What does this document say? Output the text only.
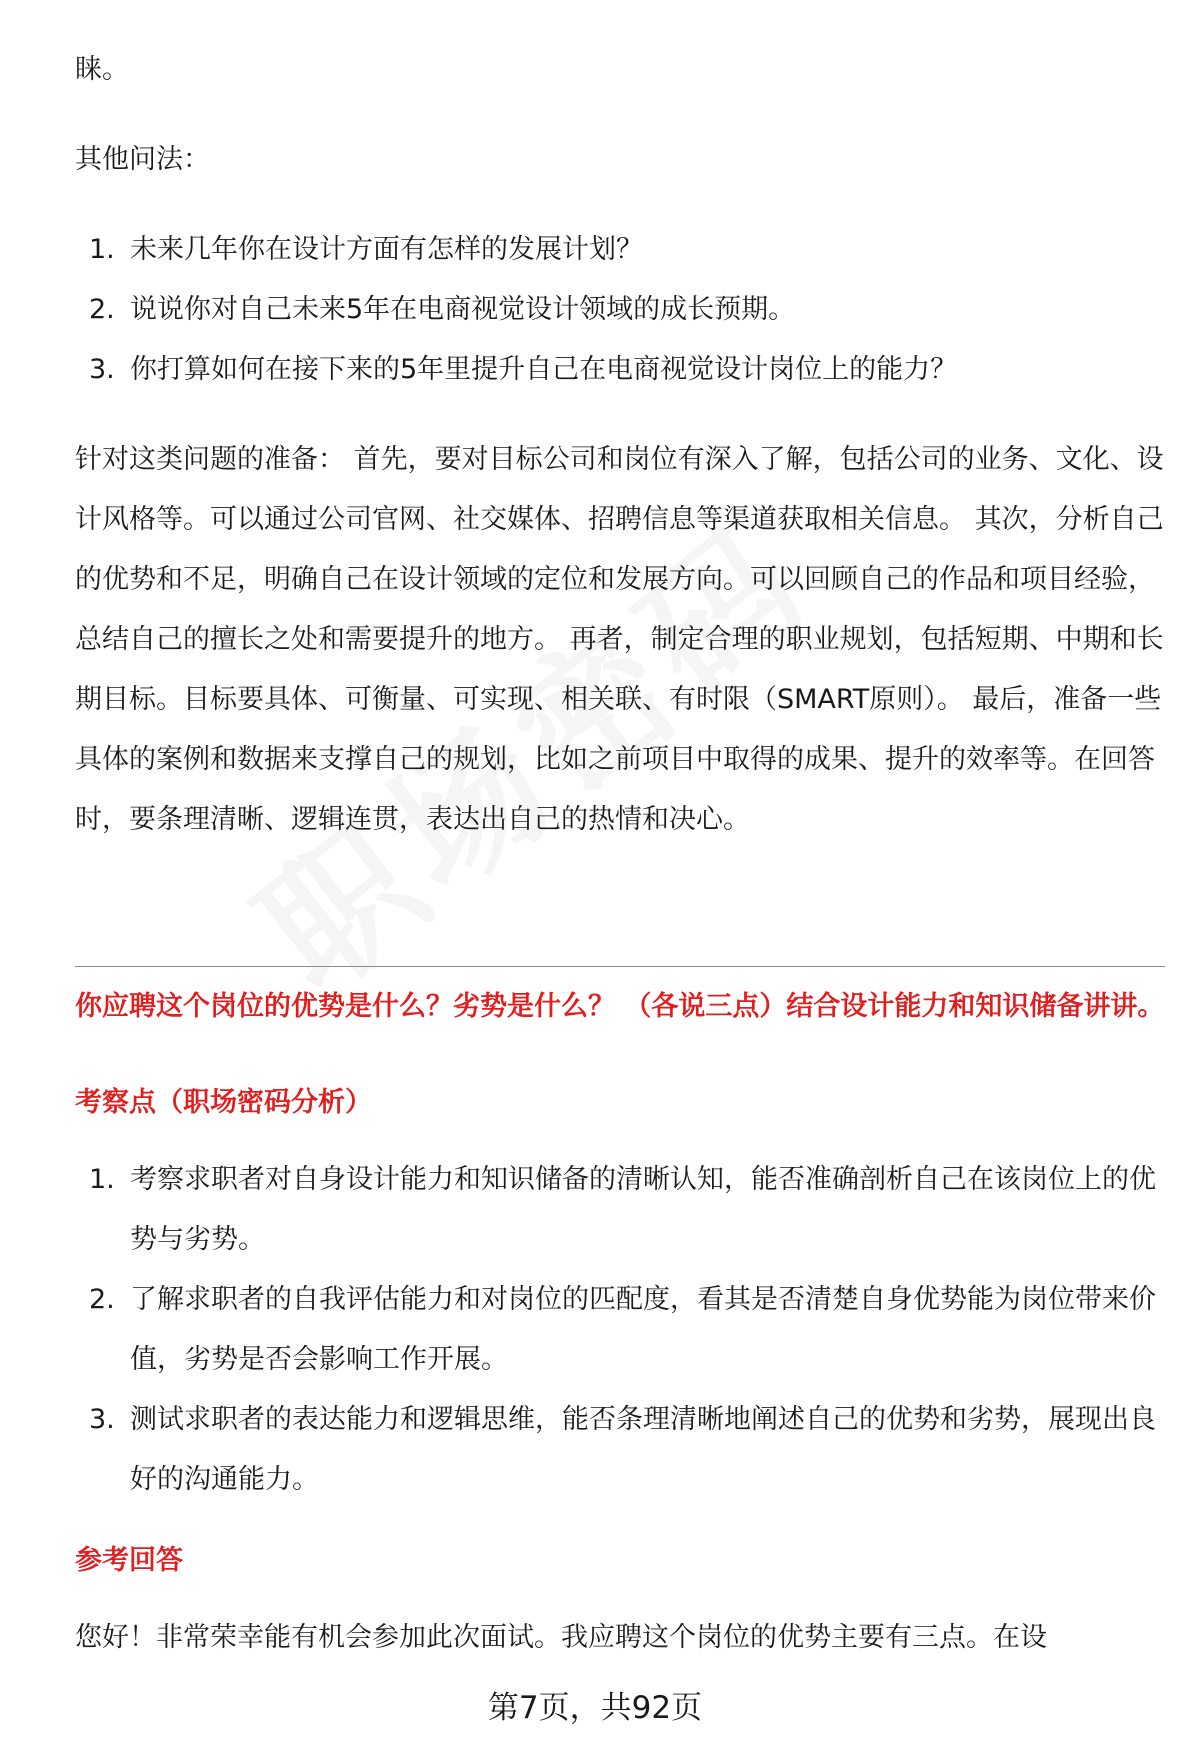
睐。

其他问法：

1. 未来几年你在设计方面有怎样的发展计划？
2. 说说你对自己未来5年在电商视觉设计领域的成长预期。
3. 你打算如何在接下来的5年里提升自己在电商视觉设计岗位上的能力？

针对这类问题的准备： 首先，要对目标公司和岗位有深入了解，包括公司的业务、文化、设计风格等。可以通过公司官网、社交媒体、招聘信息等渠道获取相关信息。 其次，分析自己的优势和不足，明确自己在设计领域的定位和发展方向。可以回顾自己的作品和项目经验，总结自己的擅长之处和需要提升的地方。 再者，制定合理的职业规划，包括短期、中期和长期目标。目标要具体、可衡量、可实现、相关联、有时限（SMART原则）。 最后，准备一些具体的案例和数据来支撑自己的规划，比如之前项目中取得的成果、提升的效率等。在回答时，要条理清晰、逻辑连贯，表达出自己的热情和决心。

你应聘这个岗位的优势是什么？劣势是什么？ （各说三点）结合设计能力和知识储备讲讲。

考察点（职场密码分析）

1. 考察求职者对自身设计能力和知识储备的清晰认知，能否准确剖析自己在该岗位上的优势与劣势。
2. 了解求职者的自我评估能力和对岗位的匹配度，看其是否清楚自身优势能为岗位带来价值，劣势是否会影响工作开展。
3. 测试求职者的表达能力和逻辑思维，能否条理清晰地阐述自己的优势和劣势，展现出良好的沟通能力。

参考回答

您好！非常荣幸能有机会参加此次面试。我应聘这个岗位的优势主要有三点。在设

第7页，共92页
